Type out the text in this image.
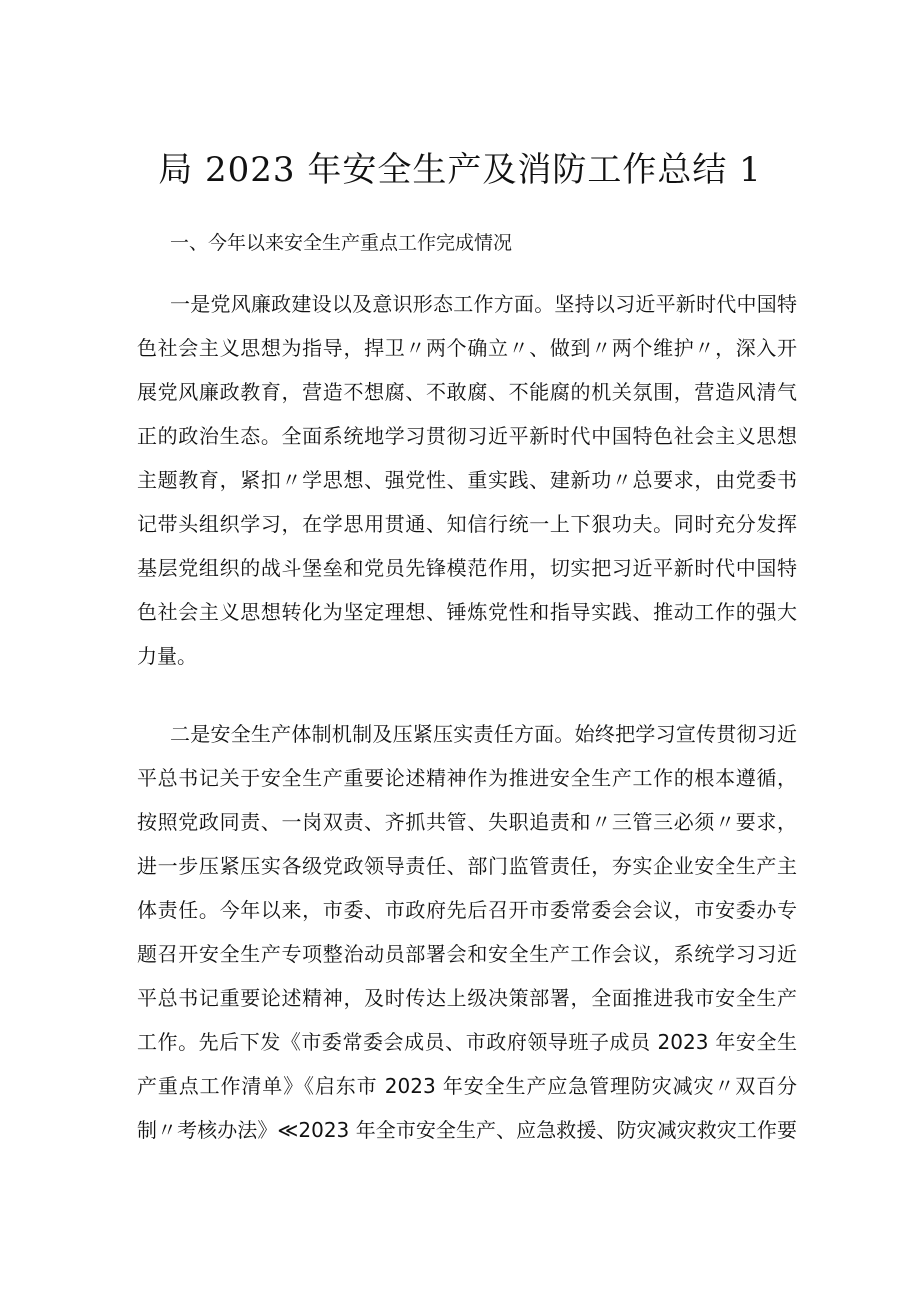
局 2023 年安全生产及消防工作总结 1
一、今年以来安全生产重点工作完成情况
一是党风廉政建设以及意识形态工作方面。坚持以习近平新时代中国特
色社会主义思想为指导，捍卫〃两个确立〃、做到〃两个维护〃，深入开
展党风廉政教育，营造不想腐、不敢腐、不能腐的机关氛围，营造风清气
正的政治生态。全面系统地学习贯彻习近平新时代中国特色社会主义思想
主题教育，紧扣〃学思想、强党性、重实践、建新功〃总要求，由党委书
记带头组织学习，在学思用贯通、知信行统一上下狠功夫。同时充分发挥
基层党组织的战斗堡垒和党员先锋模范作用，切实把习近平新时代中国特
色社会主义思想转化为坚定理想、锤炼党性和指导实践、推动工作的强大
力量。
二是安全生产体制机制及压紧压实责任方面。始终把学习宣传贯彻习近
平总书记关于安全生产重要论述精神作为推进安全生产工作的根本遵循，
按照党政同责、一岗双责、齐抓共管、失职追责和〃三管三必须〃要求，
进一步压紧压实各级党政领导责任、部门监管责任，夯实企业安全生产主
体责任。今年以来，市委、市政府先后召开市委常委会会议，市安委办专
题召开安全生产专项整治动员部署会和安全生产工作会议，系统学习习近
平总书记重要论述精神，及时传达上级决策部署，全面推进我市安全生产
工作。先后下发《市委常委会成员、市政府领导班子成员 2023 年安全生
产重点工作清单》《启东市 2023 年安全生产应急管理防灾减灾〃双百分
制〃考核办法》≪2023 年全市安全生产、应急救援、防灾减灾救灾工作要
